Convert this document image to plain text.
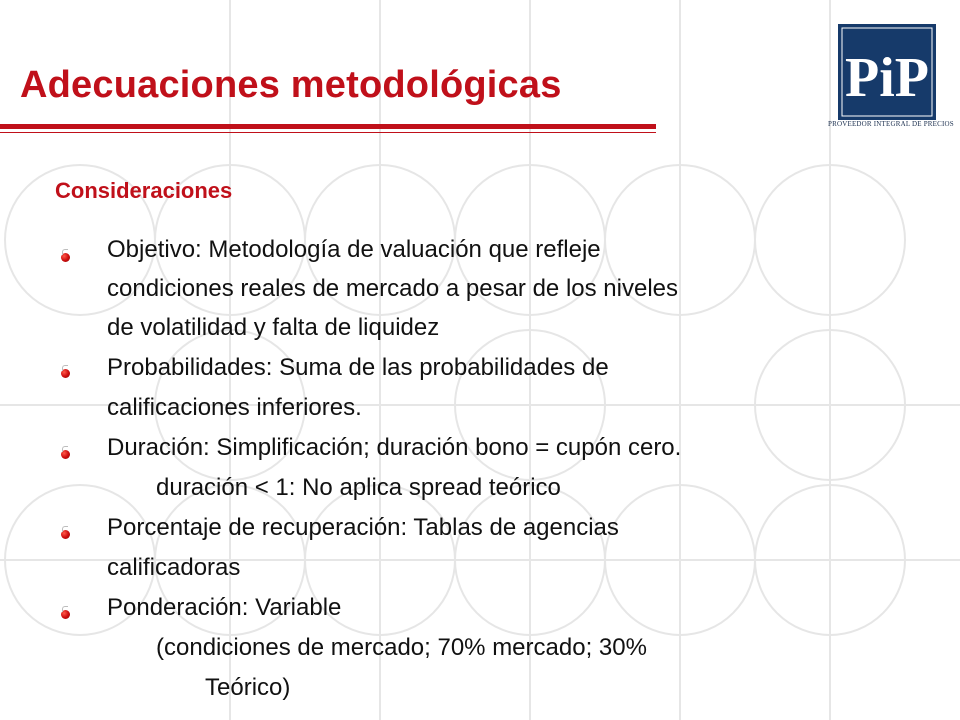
Adecuaciones metodológicas	PiP
PROVEEDOR INTEGRAL DE PRECIOS
Consideraciones
Objetivo: Metodología de valuación que refleje
condiciones reales de mercado a pesar de los niveles
de volatilidad y falta de liquidez
Probabilidades: Suma de las probabilidades de
calificaciones inferiores.
Duración: Simplificación; duración bono = cupón cero.
duración < 1: No aplica spread teórico
Porcentaje de recuperación: Tablas de agencias
calificadoras
Ponderación: Variable
(condiciones de mercado; 70% mercado; 30%
Teórico)
